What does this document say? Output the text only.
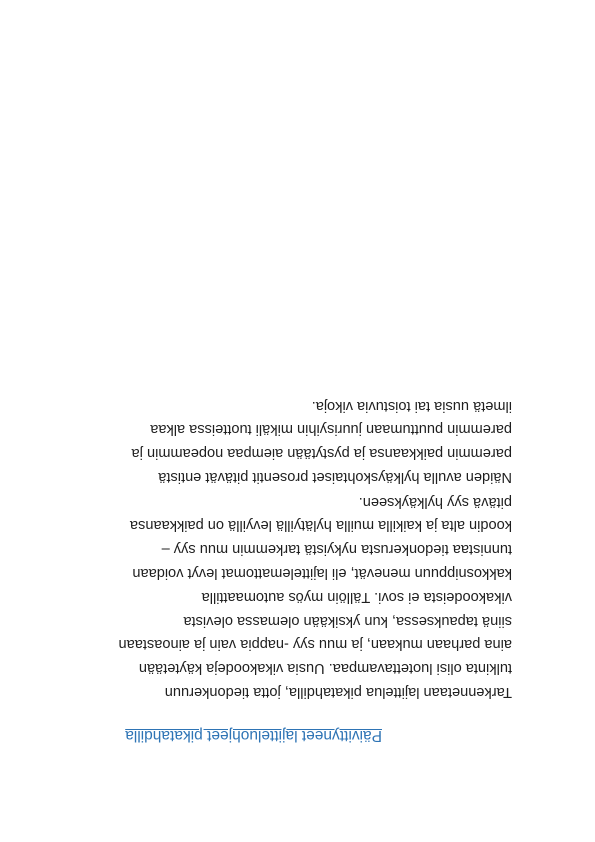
Päivittyneet lajitteluohjeet pikatahdilla
Tarkennetaan lajittelua pikatahdilla, jotta tiedonkeruun
tulkinta olisi luotettavampaa. Uusia vikakoodeja käytetään
aina parhaan mukaan, ja muu syy -nappia vain ja ainoastaan
siinä tapauksessa, kun yksikään olemassa olevista
vikakoodeista ei sovi. Tällöin myös automaattilla
kakkosnippuun menevät, eli lajittelemattomat levyt voidaan
tunnistaa tiedonkerusta nykyistä tarkemmin muu syy –
koodin alta ja kaikilla muilla hylätyillä levyillä on paikkaansa
pitävä syy hylkäykseen.
Näiden avulla hylkäyskohtaiset prosentit pitävät entistä
paremmin paikkaansa ja pystytään aiempaa nopeammin ja
paremmin puuttumaan juurisyihin mikäli tuotteissa alkaa
ilmetä uusia tai toistuvia vikoja.
